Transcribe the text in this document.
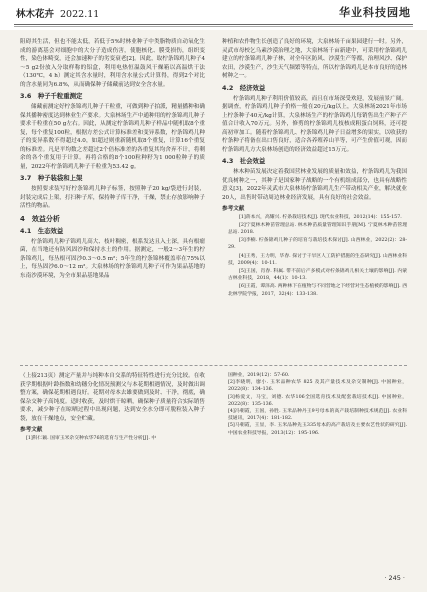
林木花卉 2022.11	华业科技园地

阻碍其生活，但也不能太低，若低于5%时林业种子中类脂物质自动氧化生成的游离基会对细胞中的大分子造成伤害，使胞核化、膜受损伤，组织变性，染色体畸变，还会加速种子的劣变衰老[2]。因此，取柠条锦鸡儿种子4～5 g2份放入分取样称的铝盒，利用电热恒温鼓风干燥箱以高温烘干法（130℃，4 h）测定其含水量时，利用含水量公式计算得，得到2个对比的含水量同为6.8%，从而确保种子储藏前达到安全含水量。

3.6　种子千粒重测定

储藏前测定好柠条锦鸡儿种子千粒重，可做到种子拍派，精量播种和确保其播种密度达到林业生产要求。大泉林场生产中通种用的柠条锦鸡儿种子要求千粒重在50 g左右。因此，从测定柠条锦鸡儿种子样品中随机取8个重复，每个重复100粒，根据方差公式计算标准差和变异系数，柠条锦鸡儿种子的变异系数不得超过4.0，如超过则重新随机取8个重复，计算16个重复的标准差。凡是平均数之差超过2个倍标准差的各重复其均舍弃不计，将剩余的各个重复用于计算。再将合格的8个100粒种籽为1 000粒种子的质量，2022年柠条锦鸡儿种子千粒重为53.42 g。

3.7　种子装袋和上架

按照要求装写好柠条锦鸡儿种子标签，按照种子20 kg/袋进行封装，封装完成后上架，打扫种子库，保持种子库干净，干燥，禁止存放影响种子活性的物品。

4　效益分析
4.1　生态效益

柠条锦鸡儿种子锦鸡儿高大、枝叶稠密，根系发达且入土深，具有根瘤菌，在当地还有防风固沙和保持水土的作用。据测定，一般2～3年生的柠条锦鸡儿，每丛根可固沙0.3～0.5 m²；5年生的柠条锦林覆盖率在75%以上，每丛固沙6.0～12 m²。大泉林场的柠条锦鸡儿种子可作为果品基地的东南沙漠环境，为全市果品基地果品

种植和农作物生长创造了良好的环境，大泉林场千亩果园建行一时。另外，灵武市母校乞乌素沙漠治理之地，大泉林场千亩新建中，可采用柠条锦鸡儿建立的柠条锦鸡儿种子林，对全年区防风、沙漠生产等都，治理风沙、保护农田，沙漠生产，沙生天气频繁等特点，所以柠条锦鸡儿是本市良好的造林树种之一。

4.2　经济效益

柠条锦鸡儿种子利用价值较高，而且在市场深受欢迎，发展前景广阔。据调查，柠条锦鸡儿种子价格一般在20元/kg以上，大泉林场2021年市场上柠条种子40元/kg计算，大泉林场生产的柠条锦鸡儿每销售出生产种子产值合计收入70万元。另外，修剪的柠条锦鸡儿枝核成粗蛋白饲料，还可提高初审加工。随着柠条锦鸡儿、柠条锦鸡儿种子日益增多的果实，以收获的柠条种子将备在出口售良好，适合各养殖养山羊等，可产生价值可观，因而柠条锦鸡儿方大泉林场创造的经济效益超过15万元。

4.3　社会效益

林木种苗发展决定着我国营林业发展的质量和效益，柠条锦鸡儿为我国优良树种之一，其种子是国家种子战略的一个有机组成部分，也具有战略性意义[3]。2022年灵武市大泉林场柠条锦鸡儿生产带动相关产业，解决就业20人，出售时带动周边林业经济发展，具有良好的社会效益。

参考文献

[1]蒋本兴，高耀兴. 柠条栽培技术[J]. 现代农业科技，2012(14)：155-157.

[2]宁夏林木种苗管理总站. 林木种苗质量管理知识手册[M]. 宁夏林木种苗管理总站. 2018.

[3]李楠. 柠条锦鸡儿种子的培育与栽培技术探讨[J]. 山西林业，2022(2)：28-29.

[4]王秀，王力明，毕春. 探讨于干旱区人工防护措施的生态研究[J]. 山西林业科技，2009(4)：10-11.

[5]王国，肖春. 科属. 带不前后产多模式对柠条锦鸡儿相关土壤的影响[J]. 内蒙古林业科技，2018，44(1)：10-13.

[6]王霞，谭泽高. 两种林下在植物与不同营地之下经营对生态植被的影响[J]. 西北林学院学报，2017，32(4)：133-138.

（上接213页）测定产量并与纯种本自交系的特征特性进行充分比较。在收获学期根据叶龄指数和幼穗分化情况预测父与本花期相遇情况，及时做出调整方案，确保花期相遇良好。花期对母本去雄要做到及时、干净，彻底，确保杂交种子高纯度。适时收获，及时烘干晾晒，确保种子质量符合实际销售要求，减少种子在晾晒过程中出现问题，达到安全水分即可脱粒装入种子袋，放在干燥地点，安全贮藏。

参考文献

[1]科仁颖. 国审玉米杂交种农华76的选育与生产性分析[J]. 中

国种业，2019(12)：57-60.

[2]李晓明，廖小. 玉米品种农华 825 及其产量技术及杂交制种[J]. 中国种业，2022(8)：134-136.

[3]杨爱文，马宝，刘德. 农华106全国选育技术及配套栽培技术[J]. 中国种业，2022(8)：135-136.

[4]冯朝霞，王国，孙胜. 玉米品种丹王9号母本的高产栽培制种技术规范[J]. 农业科技通讯，2017(4)：181-182.

[5]马朝霞，王显，李. 玉米品种先玉335母本的高产栽培及主要农艺性状的研究[J]. 中国农业科技导报，2013(12)：195-196.

· 245 ·
